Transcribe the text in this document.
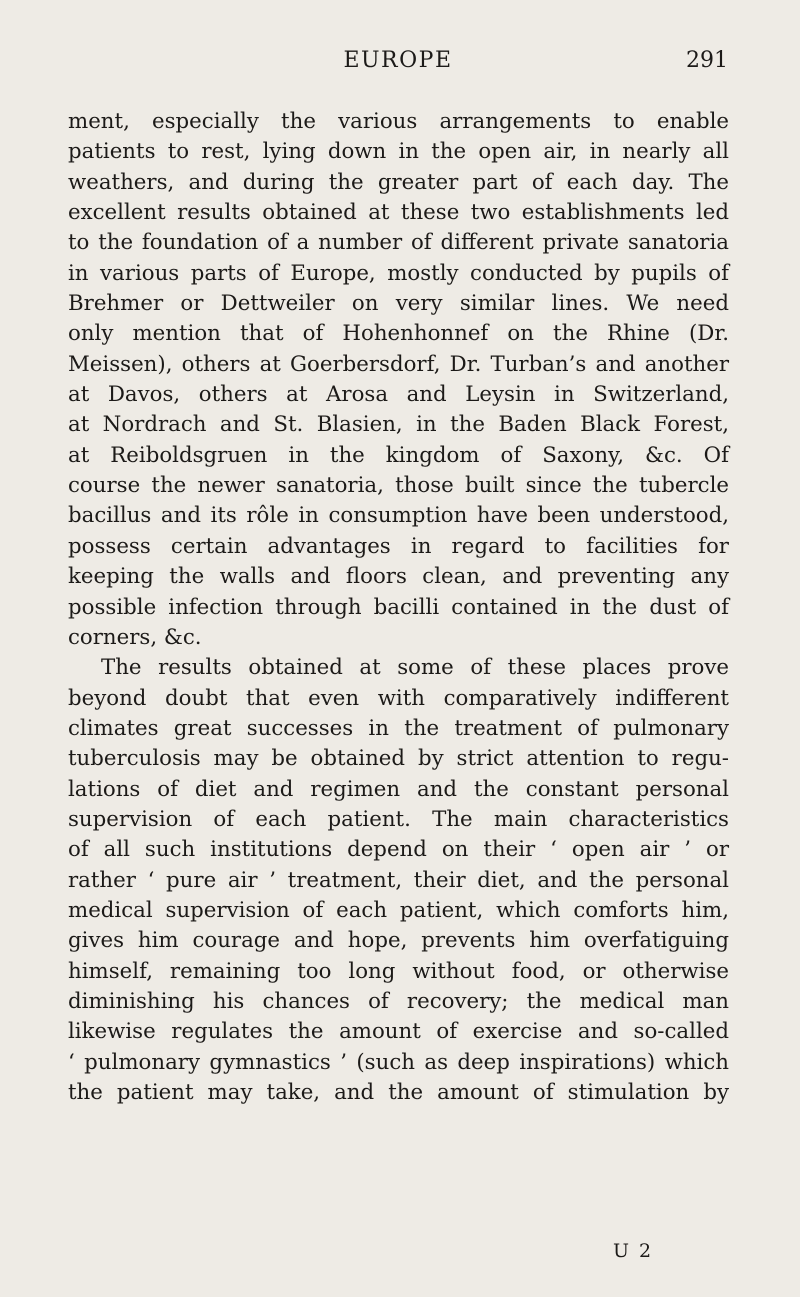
EUROPE	291
ment, especially the various arrangements to enable
patients to rest, lying down in the open air, in nearly all
weathers, and during the greater part of each day. The
excellent results obtained at these two establishments led
to the foundation of a number of different private sanatoria
in various parts of Europe, mostly conducted by pupils of
Brehmer or Dettweiler on very similar lines. We need
only mention that of Hohenhonnef on the Rhine (Dr.
Meissen), others at Goerbersdorf, Dr. Turban’s and another
at Davos, others at Arosa and Leysin in Switzerland,
at Nordrach and St. Blasien, in the Baden Black Forest,
at Reiboldsgruen in the kingdom of Saxony, &c. Of
course the newer sanatoria, those built since the tubercle
bacillus and its rôle in consumption have been understood,
possess certain advantages in regard to facilities for
keeping the walls and floors clean, and preventing any
possible infection through bacilli contained in the dust of
corners, &c.
The results obtained at some of these places prove
beyond doubt that even with comparatively indifferent
climates great successes in the treatment of pulmonary
tuberculosis may be obtained by strict attention to regu-
lations of diet and regimen and the constant personal
supervision of each patient. The main characteristics
of all such institutions depend on their ‘ open air ’ or
rather ‘ pure air ’ treatment, their diet, and the personal
medical supervision of each patient, which comforts him,
gives him courage and hope, prevents him overfatiguing
himself, remaining too long without food, or otherwise
diminishing his chances of recovery; the medical man
likewise regulates the amount of exercise and so-called
‘ pulmonary gymnastics ’ (such as deep inspirations) which
the patient may take, and the amount of stimulation by
U 2
